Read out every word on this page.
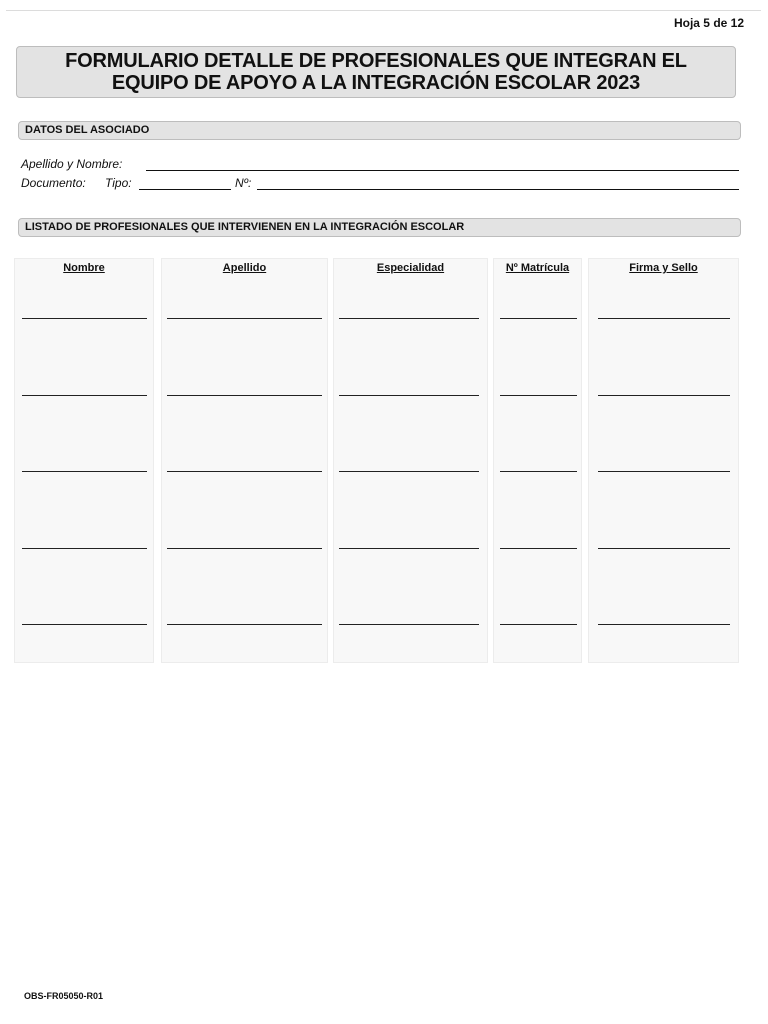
Hoja 5 de 12
FORMULARIO DETALLE DE PROFESIONALES QUE INTEGRAN EL
EQUIPO DE APOYO A LA INTEGRACIÓN ESCOLAR 2023
DATOS DEL ASOCIADO
Apellido y Nombre:
Documento: Tipo:	Nº:
LISTADO DE PROFESIONALES QUE INTERVIENEN EN LA INTEGRACIÓN ESCOLAR
Nombre	Apellido	Especialidad	Nº Matrícula	Firma y Sello
OBS-FR05050-R01
